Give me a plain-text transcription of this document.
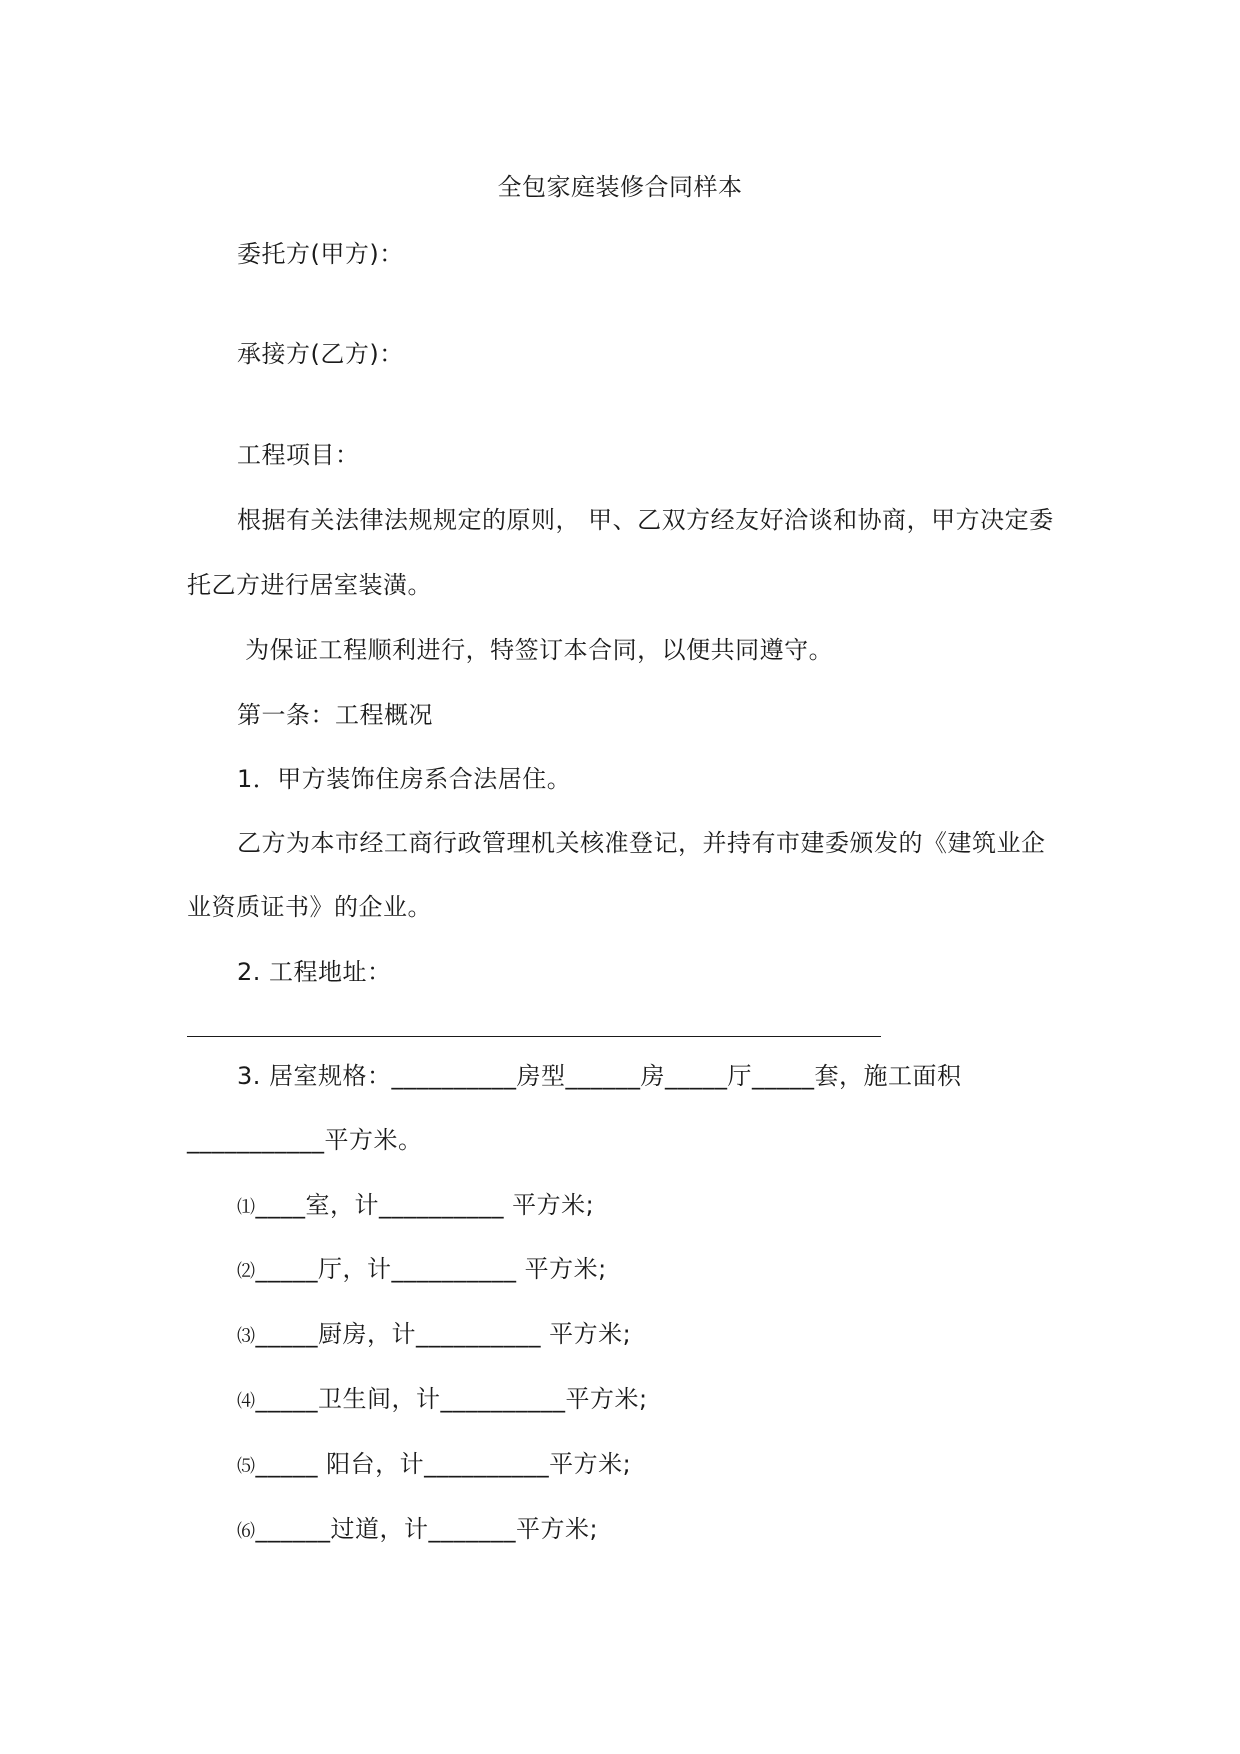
全包家庭装修合同样本
委托方(甲方)：
承接方(乙方)：
工程项目：
根据有关法律法规规定的原则， 甲、乙双方经友好洽谈和协商，甲方决定委
托乙方进行居室装潢。
为保证工程顺利进行，特签订本合同，以便共同遵守。
第一条：工程概况
1．甲方装饰住房系合法居住。
乙方为本市经工商行政管理机关核准登记，并持有市建委颁发的《建筑业企
业资质证书》的企业。
2. 工程地址：
3. 居室规格：__________房型______房_____厅_____套，施工面积
___________平方米。
⑴____室，计__________ 平方米;
⑵_____厅，计__________ 平方米;
⑶_____厨房，计__________ 平方米;
⑷_____卫生间，计__________平方米;
⑸_____ 阳台，计__________平方米;
⑹______过道，计_______平方米;
